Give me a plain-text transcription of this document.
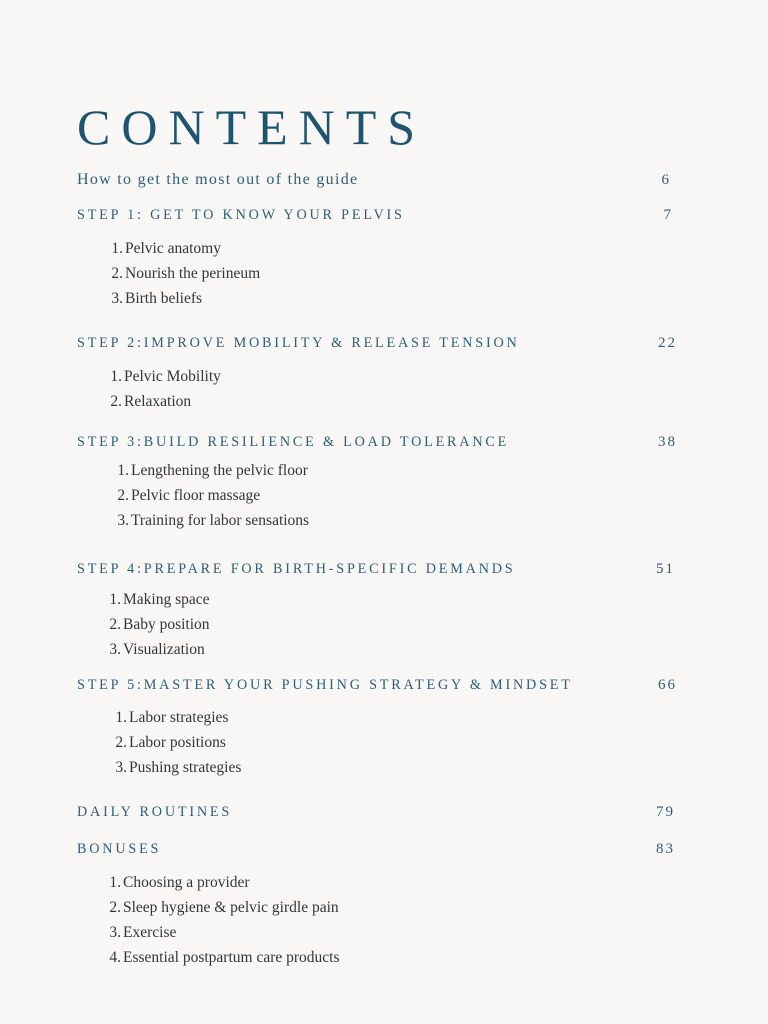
CONTENTS
How to get the most out of the guide	6
STEP 1: GET TO KNOW YOUR PELVIS	7
1. Pelvic anatomy
2. Nourish the perineum
3. Birth beliefs
STEP 2:IMPROVE MOBILITY & RELEASE TENSION	22
1. Pelvic Mobility
2. Relaxation
STEP 3:BUILD RESILIENCE & LOAD TOLERANCE	38
1. Lengthening the pelvic floor
2. Pelvic floor massage
3. Training for labor sensations
STEP 4:PREPARE FOR BIRTH-SPECIFIC DEMANDS	51
1. Making space
2. Baby position
3. Visualization
STEP 5:MASTER YOUR PUSHING STRATEGY & MINDSET	66
1. Labor strategies
2. Labor positions
3. Pushing strategies
DAILY ROUTINES	79
BONUSES	83
1. Choosing a provider
2. Sleep hygiene & pelvic girdle pain
3. Exercise
4. Essential postpartum care products
